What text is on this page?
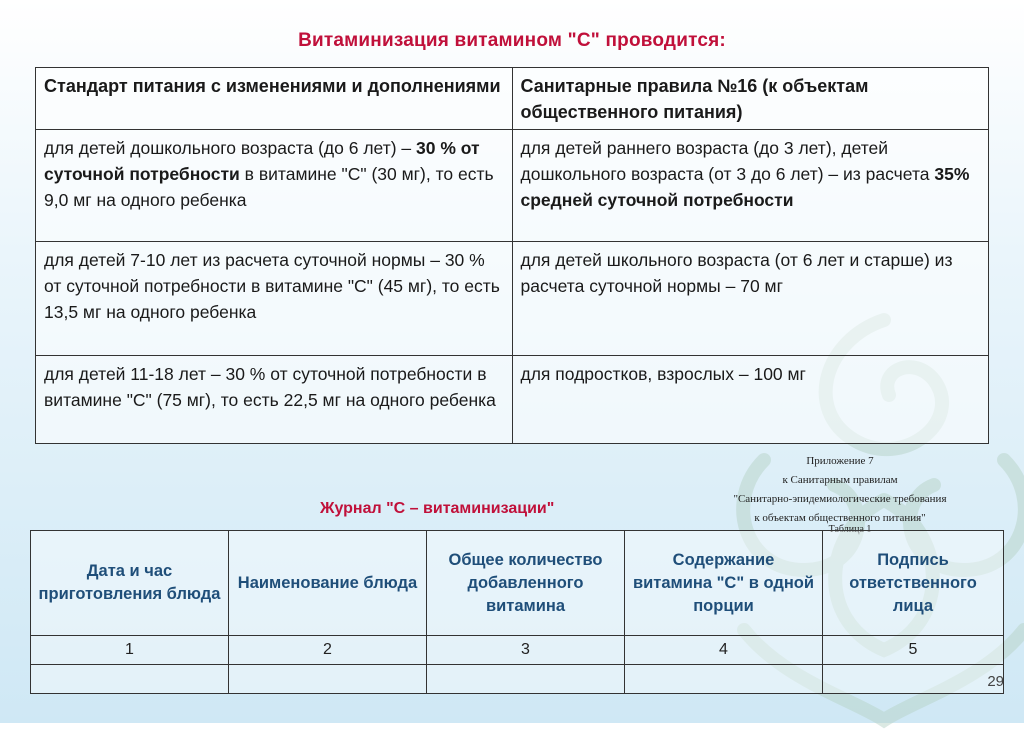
Витаминизация витамином "С" проводится:
Стандарт питания с изменениями и дополнениями	Санитарные правила №16 (к объектам общественного питания)
для детей дошкольного возраста (до 6 лет) – 30 % от суточной потребности в витамине "С" (30 мг), то есть 9,0 мг на одного ребенка	для детей раннего возраста (до 3 лет), детей дошкольного возраста (от 3 до 6 лет) – из расчета 35% средней суточной потребности
для детей 7-10 лет из расчета суточной нормы – 30 % от суточной потребности в витамине "С" (45 мг), то есть 13,5 мг на одного ребенка	для детей школьного возраста (от 6 лет и старше) из расчета суточной нормы – 70 мг
для детей 11-18 лет – 30 % от суточной потребности в витамине "С" (75 мг), то есть 22,5 мг на одного ребенка	для подростков, взрослых – 100 мг
Приложение 7
к Санитарным правилам
"Санитарно-эпидемиологические требования
к объектам общественного питания"
Таблица 1
Журнал "С – витаминизации"
Дата и час приготовления блюда	Наименование блюда	Общее количество добавленного витамина	Содержание витамина "С" в одной порции	Подпись ответственного лица
1	2	3	4	5

29
